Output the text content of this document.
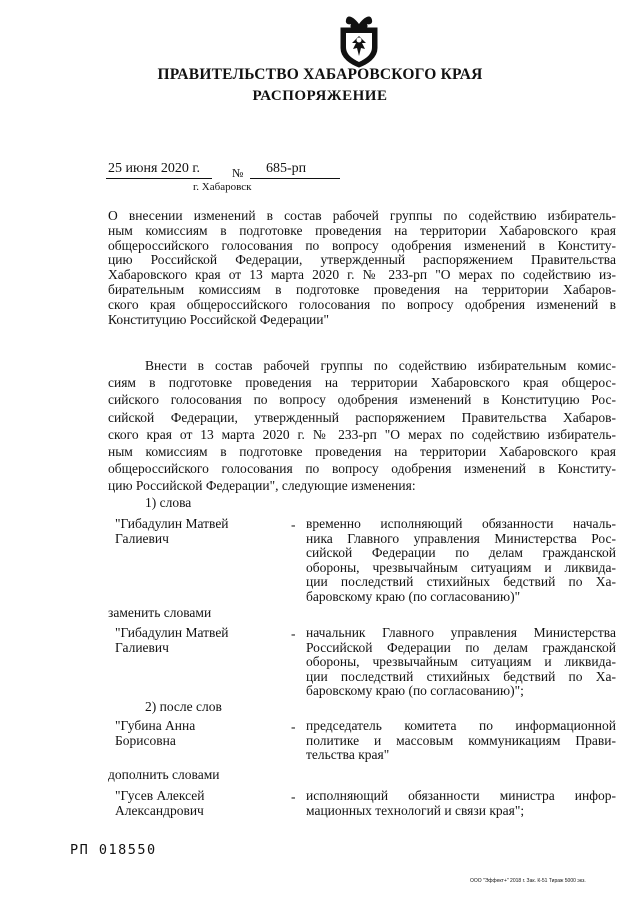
ПРАВИТЕЛЬСТВО ХАБАРОВСКОГО КРАЯ
РАСПОРЯЖЕНИЕ
25 июня 2020 г.	№ 685-рп
г. Хабаровск
О внесении изменений в состав рабочей группы по содействию избиратель-
ным комиссиям в подготовке проведения на территории Хабаровского края
общероссийского голосования по вопросу одобрения изменений в Конститу-
цию Российской Федерации, утвержденный распоряжением Правительства
Хабаровского края от 13 марта 2020 г. № 233-рп "О мерах по содействию из-
бирательным комиссиям в подготовке проведения на территории Хабаров-
ского края общероссийского голосования по вопросу одобрения изменений в
Конституцию Российской Федерации"
Внести в состав рабочей группы по содействию избирательным комис-
сиям в подготовке проведения на территории Хабаровского края общерос-
сийского голосования по вопросу одобрения изменений в Конституцию Рос-
сийской Федерации, утвержденный распоряжением Правительства Хабаров-
ского края от 13 марта 2020 г. № 233-рп "О мерах по содействию избиратель-
ным комиссиям в подготовке проведения на территории Хабаровского края
общероссийского голосования по вопросу одобрения изменений в Конститу-
цию Российской Федерации", следующие изменения:
1) слова
"Гибадулин Матвей
Галиевич
- временно исполняющий обязанности началь-
ника Главного управления Министерства Рос-
сийской Федерации по делам гражданской
обороны, чрезвычайным ситуациям и ликвида-
ции последствий стихийных бедствий по Ха-
баровскому краю (по согласованию)"
заменить словами
"Гибадулин Матвей
Галиевич
- начальник Главного управления Министерства
Российской Федерации по делам гражданской
обороны, чрезвычайным ситуациям и ликвида-
ции последствий стихийных бедствий по Ха-
баровскому краю (по согласованию)";
2) после слов
"Губина Анна
Борисовна
- председатель комитета по информационной
политике и массовым коммуникациям Прави-
тельства края"
дополнить словами
"Гусев Алексей
Александрович
- исполняющий обязанности министра инфор-
мационных технологий и связи края";
РП 018550
ООО "Эффект+" 2018 г. Зак. К-51 Тираж 5000 экз.
